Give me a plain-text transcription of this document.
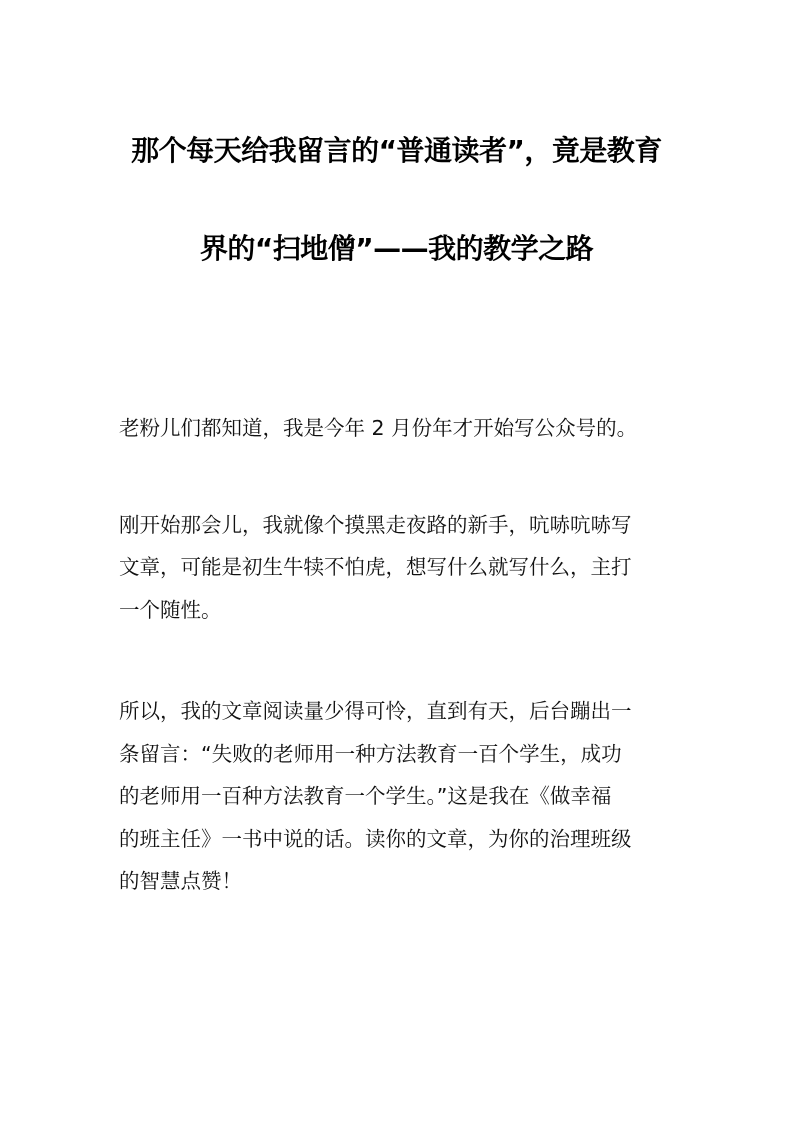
那个每天给我留言的“普通读者”，竟是教育
界的“扫地僧”——我的教学之路
老粉儿们都知道，我是今年 2 月份年才开始写公众号的。
刚开始那会儿，我就像个摸黑走夜路的新手，吭哧吭哧写
文章，可能是初生牛犊不怕虎，想写什么就写什么，主打
一个随性。
所以，我的文章阅读量少得可怜，直到有天，后台蹦出一
条留言：“失败的老师用一种方法教育一百个学生，成功
的老师用一百种方法教育一个学生。”这是我在《做幸福
的班主任》一书中说的话。读你的文章，为你的治理班级
的智慧点赞！
